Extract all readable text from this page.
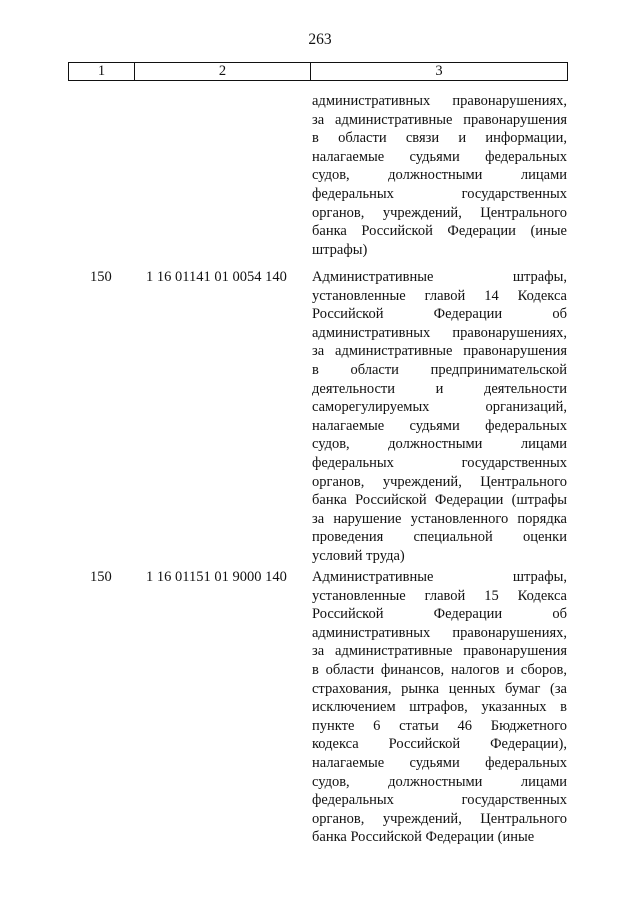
263
1	2	3
административных правонарушениях,
за административные правонарушения
в области связи и информации,
налагаемые судьями федеральных
судов, должностными лицами
федеральных государственных
органов, учреждений, Центрального
банка Российской Федерации (иные
штрафы)
150	1 16 01141 01 0054 140	Административные штрафы,
установленные главой 14 Кодекса
Российской Федерации об
административных правонарушениях,
за административные правонарушения
в области предпринимательской
деятельности и деятельности
саморегулируемых организаций,
налагаемые судьями федеральных
судов, должностными лицами
федеральных государственных
органов, учреждений, Центрального
банка Российской Федерации (штрафы
за нарушение установленного порядка
проведения специальной оценки
условий труда)
150	1 16 01151 01 9000 140	Административные штрафы,
установленные главой 15 Кодекса
Российской Федерации об
административных правонарушениях,
за административные правонарушения
в области финансов, налогов и сборов,
страхования, рынка ценных бумаг (за
исключением штрафов, указанных в
пункте 6 статьи 46 Бюджетного
кодекса Российской Федерации),
налагаемые судьями федеральных
судов, должностными лицами
федеральных государственных
органов, учреждений, Центрального
банка Российской Федерации (иные
